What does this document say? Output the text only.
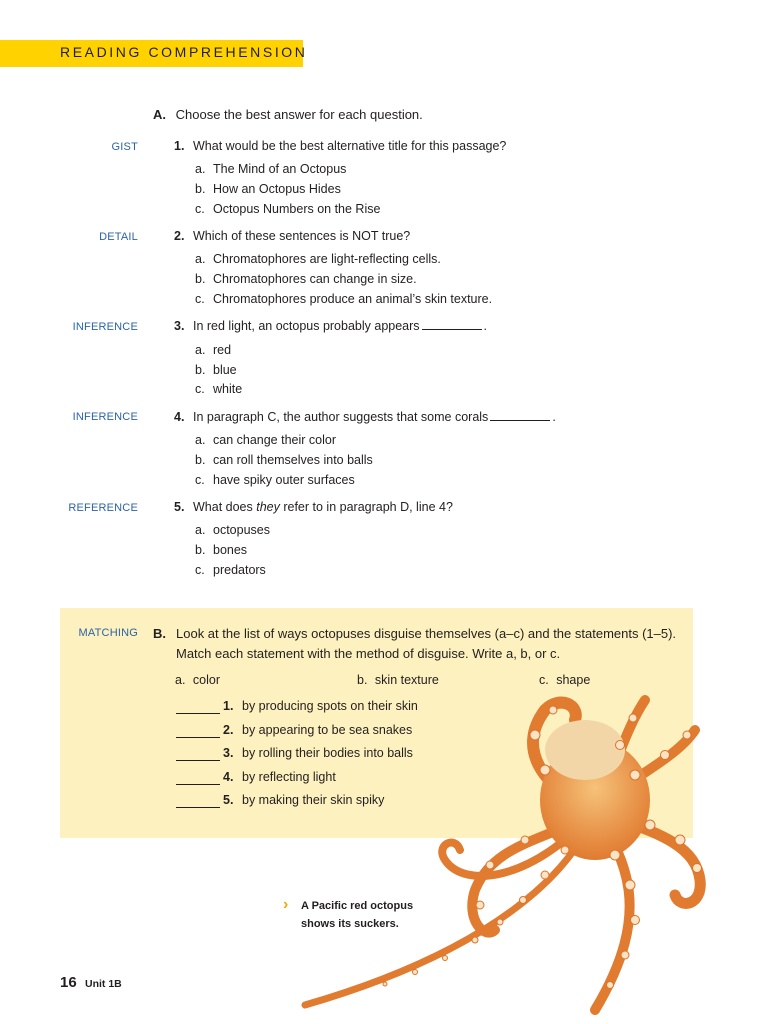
READING COMPREHENSION
A. Choose the best answer for each question.
GIST	1. What would be the best alternative title for this passage?
a. The Mind of an Octopus
b. How an Octopus Hides
c. Octopus Numbers on the Rise
DETAIL	2. Which of these sentences is NOT true?
a. Chromatophores are light-reflecting cells.
b. Chromatophores can change in size.
c. Chromatophores produce an animal’s skin texture.
INFERENCE	3. In red light, an octopus probably appears	.
a. red
b. blue
c. white
INFERENCE	4. In paragraph C, the author suggests that some corals	.
a. can change their color
b. can roll themselves into balls
c. have spiky outer surfaces
REFERENCE	5. What does they refer to in paragraph D, line 4?
a. octopuses
b. bones
c. predators
MATCHING B. Look at the list of ways octopuses disguise themselves (a–c) and the statements (1–5). Match each statement with the method of disguise. Write a, b, or c.
a. color	b. skin texture	c. shape
1. by producing spots on their skin
2. by appearing to be sea snakes
3. by rolling their bodies into balls
4. by reflecting light
5. by making their skin spiky
› A Pacific red octopus
shows its suckers.
16 Unit 1B
